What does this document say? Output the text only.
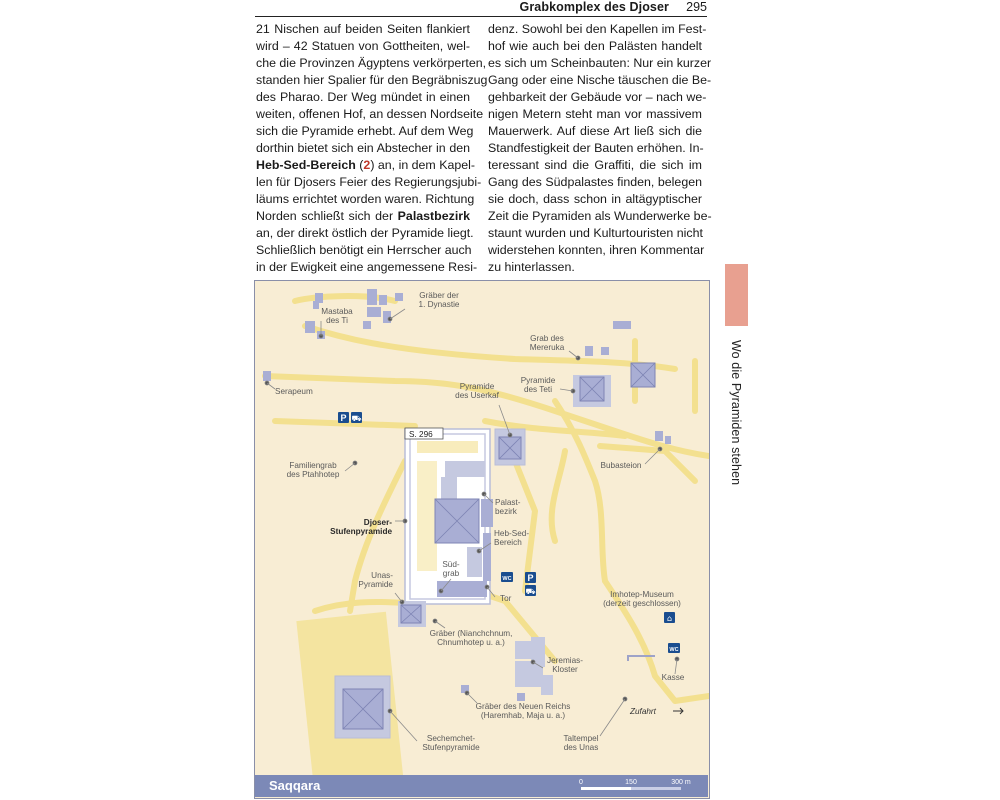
Grabkomplex des Djoser 295
21 Nischen auf beiden Seiten flankiert
wird – 42 Statuen von Gottheiten, wel-
che die Provinzen Ägyptens verkörperten,
standen hier Spalier für den Begräbniszug
des Pharao. Der Weg mündet in einen
weiten, offenen Hof, an dessen Nordseite
sich die Pyramide erhebt. Auf dem Weg
dorthin bietet sich ein Abstecher in den
Heb-Sed-Bereich (2) an, in dem Kapel-
len für Djosers Feier des Regierungsjubi-
läums errichtet worden waren. Richtung
Norden schließt sich der Palastbezirk
an, der direkt östlich der Pyramide liegt.
Schließlich benötigt ein Herrscher auch
in der Ewigkeit eine angemessene Resi-
denz. Sowohl bei den Kapellen im Fest-
hof wie auch bei den Palästen handelt
es sich um Scheinbauten: Nur ein kurzer
Gang oder eine Nische täuschen die Be-
gehbarkeit der Gebäude vor – nach we-
nigen Metern steht man vor massivem
Mauerwerk. Auf diese Art ließ sich die
Standfestigkeit der Bauten erhöhen. In-
teressant sind die Graffiti, die sich im
Gang des Südpalastes finden, belegen
sie doch, dass schon in altägyptischer
Zeit die Pyramiden als Wunderwerke be-
staunt wurden und Kulturtouristen nicht
widerstehen konnten, ihren Kommentar
zu hinterlassen.
Wo die Pyramiden stehen
P ⛟
WC P
⛟
⌂
WC
S. 296
Gräber der
1. Dynastie
Mastaba
des Ti
Grab des
Mereruka
Pyramide
des Teti
Pyramide
des Userkaf
Serapeum
Bubasteion
Familiengrab
des Ptahhotep
Palast-
bezirk
Heb-Sed-
Bereich
Djoser-
Stufenpyramide
Süd-
grab
Tor
Unas-
Pyramide
Imhotep-Museum
(derzeit geschlossen)
Gräber (Nianchchnum,
Chnumhotep u. a.)
Jeremias-
Kloster
Kasse
Zufahrt
Gräber des Neuen Reichs
(Haremhab, Maja u. a.)
Taltempel
des Unas
Sechemchet-
Stufenpyramide
Saqqara	0	150	300 m
